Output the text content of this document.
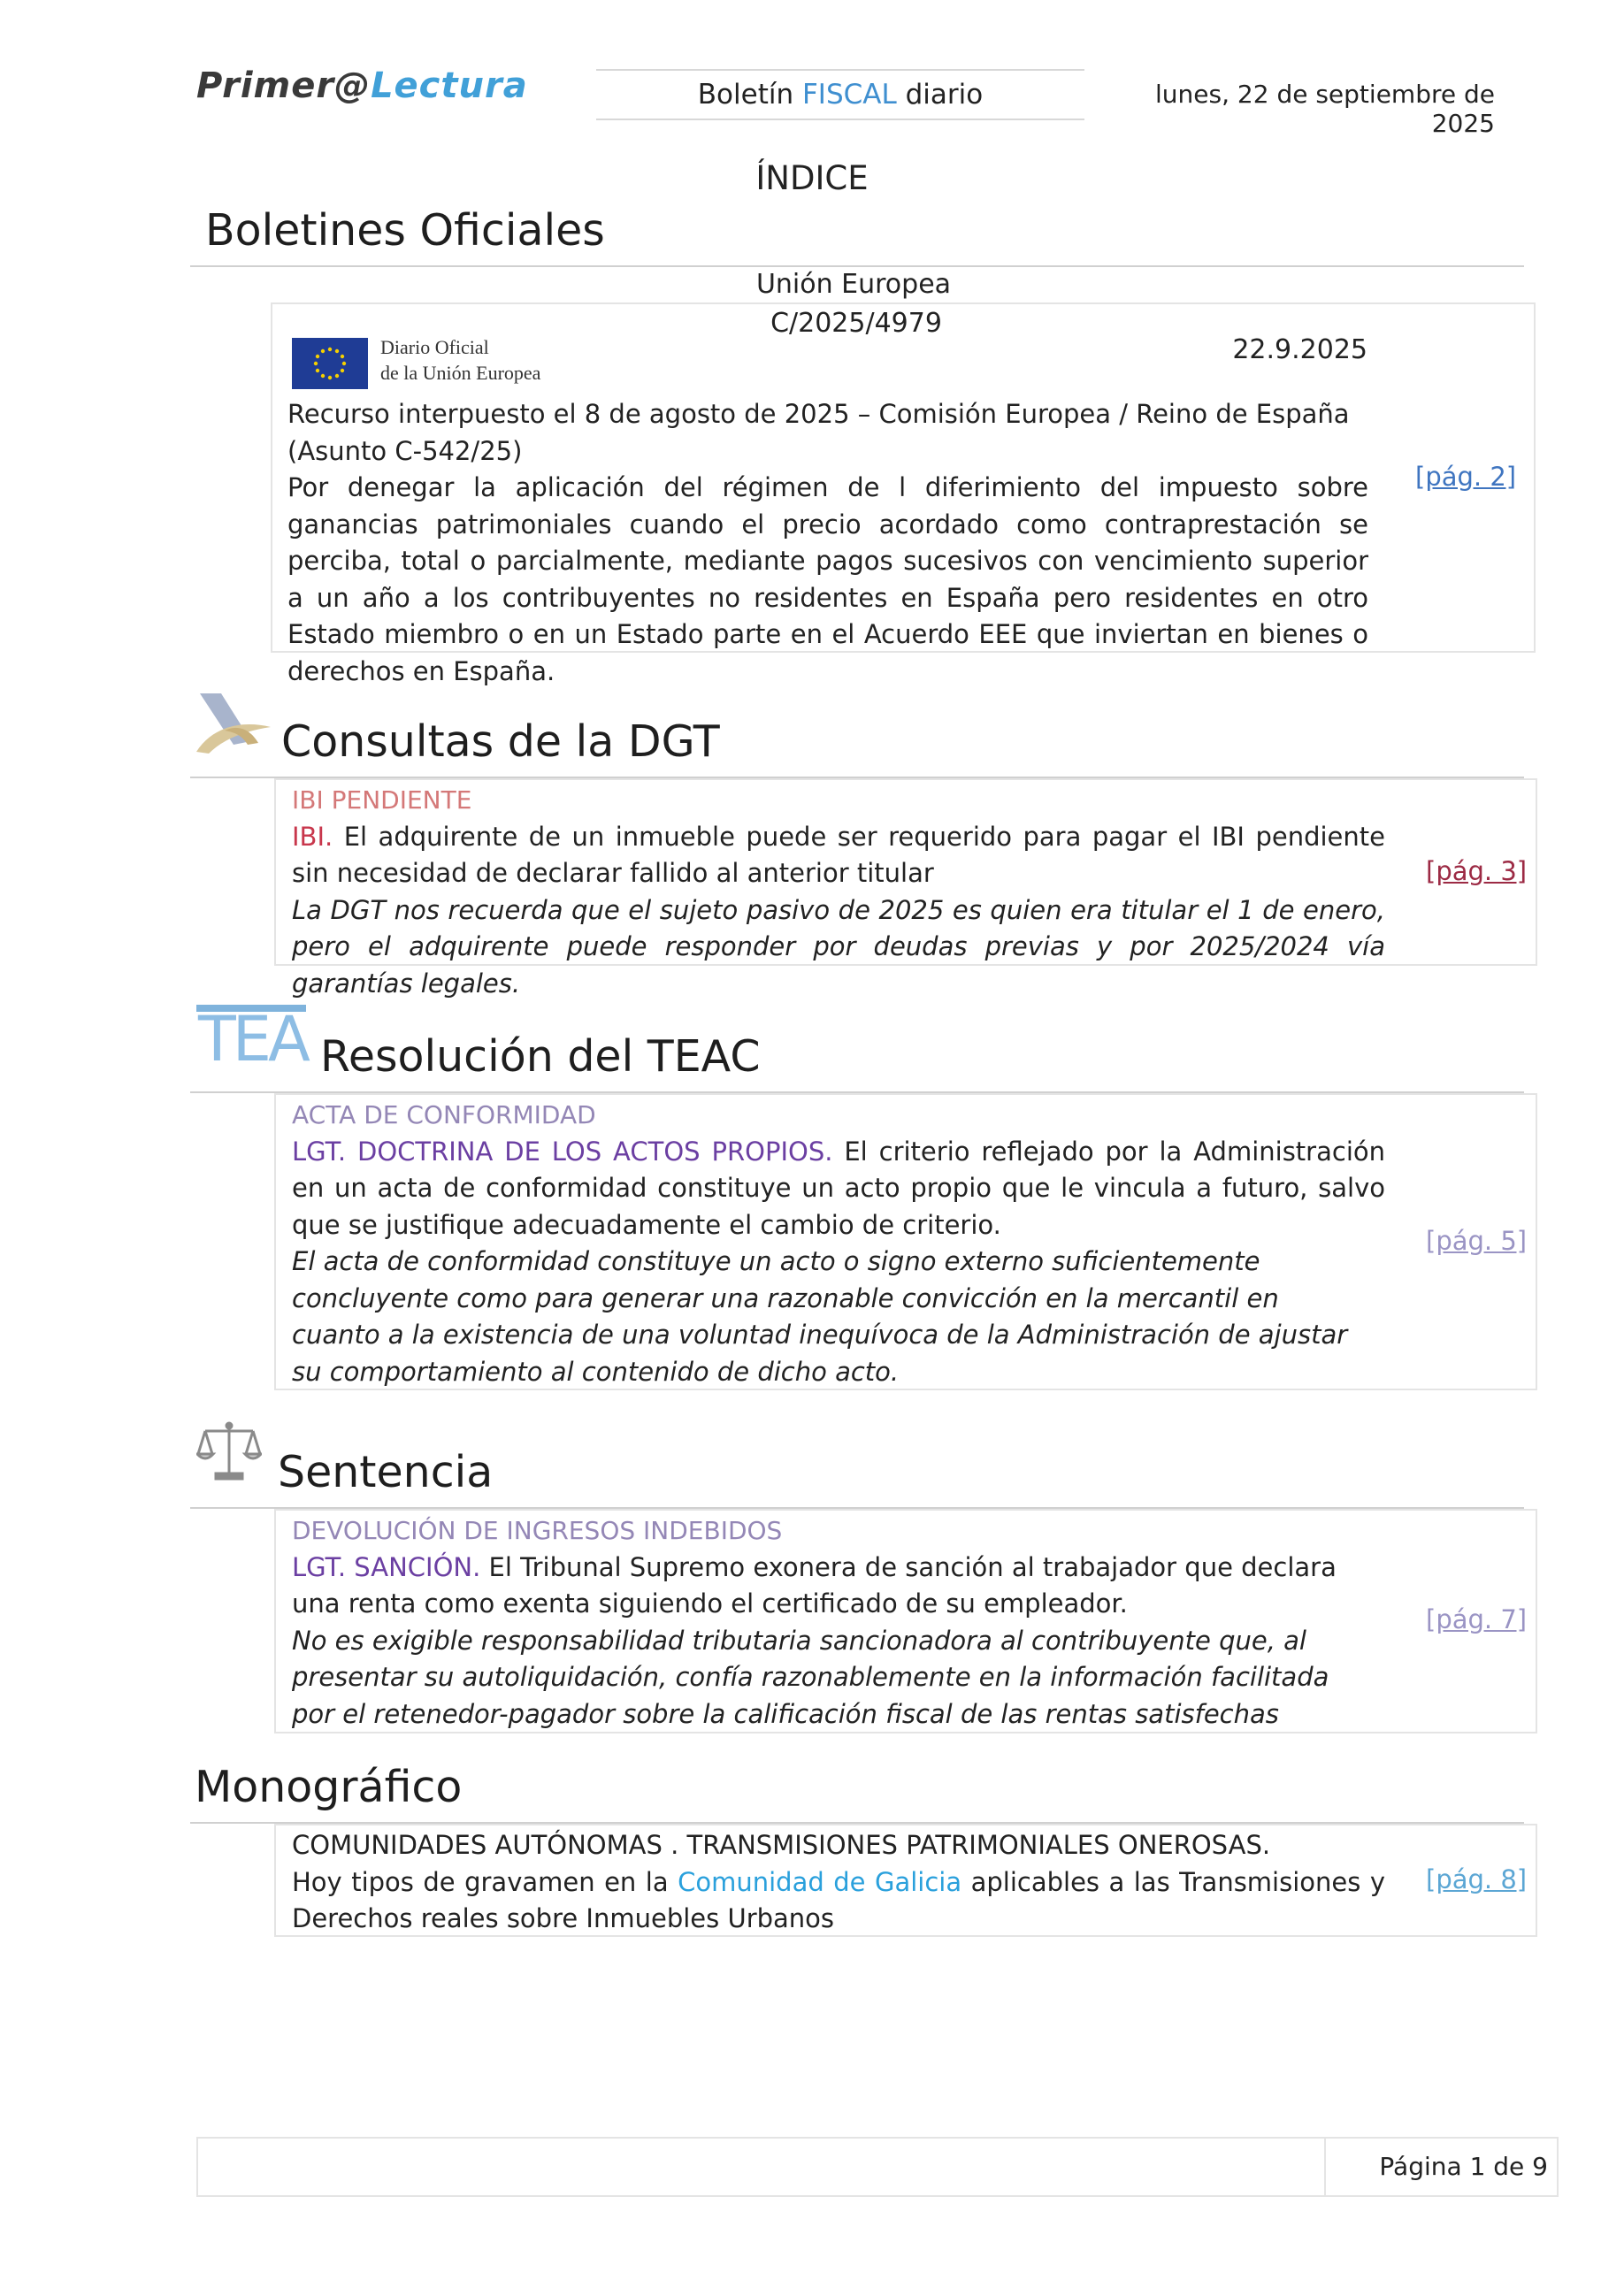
Primer@Lectura	Boletín FISCAL diario	lunes, 22 de septiembre de 2025
ÍNDICE
Boletines Oficiales
Unión Europea
C/2025/4979
Diario Oficial
de la Unión Europea
22.9.2025

Recurso interpuesto el 8 de agosto de 2025 – Comisión Europea / Reino de España

(Asunto C-542/25)

Por denegar la aplicación del régimen de l diferimiento del impuesto sobre ganancias patrimoniales cuando el precio acordado como contraprestación se perciba, total o parcialmente, mediante pagos sucesivos con vencimiento superior a un año a los contribuyentes no residentes en España pero residentes en otro Estado miembro o en un Estado parte en el Acuerdo EEE que inviertan en bienes o derechos en España.

[pág. 2]
Consultas de la DGT

IBI PENDIENTE

IBI. El adquirente de un inmueble puede ser requerido para pagar el IBI pendiente sin necesidad de declarar fallido al anterior titular

La DGT nos recuerda que el sujeto pasivo de 2025 es quien era titular el 1 de enero, pero el adquirente puede responder por deudas previas y por 2025/2024 vía garantías legales.

[pág. 3]
TEA Resolución del TEAC

ACTA DE CONFORMIDAD

LGT. DOCTRINA DE LOS ACTOS PROPIOS. El criterio reflejado por la Administración en un acta de conformidad constituye un acto propio que le vincula a futuro, salvo que se justifique adecuadamente el cambio de criterio.

El acta de conformidad constituye un acto o signo externo suficientemente concluyente como para generar una razonable convicción en la mercantil en cuanto a la existencia de una voluntad inequívoca de la Administración de ajustar su comportamiento al contenido de dicho acto.

[pág. 5]
Sentencia

DEVOLUCIÓN DE INGRESOS INDEBIDOS

LGT. SANCIÓN. El Tribunal Supremo exonera de sanción al trabajador que declara una renta como exenta siguiendo el certificado de su empleador.

No es exigible responsabilidad tributaria sancionadora al contribuyente que, al presentar su autoliquidación, confía razonablemente en la información facilitada por el retenedor-pagador sobre la calificación fiscal de las rentas satisfechas

[pág. 7]
Monográfico

COMUNIDADES AUTÓNOMAS . TRANSMISIONES PATRIMONIALES ONEROSAS.

Hoy tipos de gravamen en la Comunidad de Galicia aplicables a las Transmisiones y Derechos reales sobre Inmuebles Urbanos

[pág. 8]
Página 1 de 9
